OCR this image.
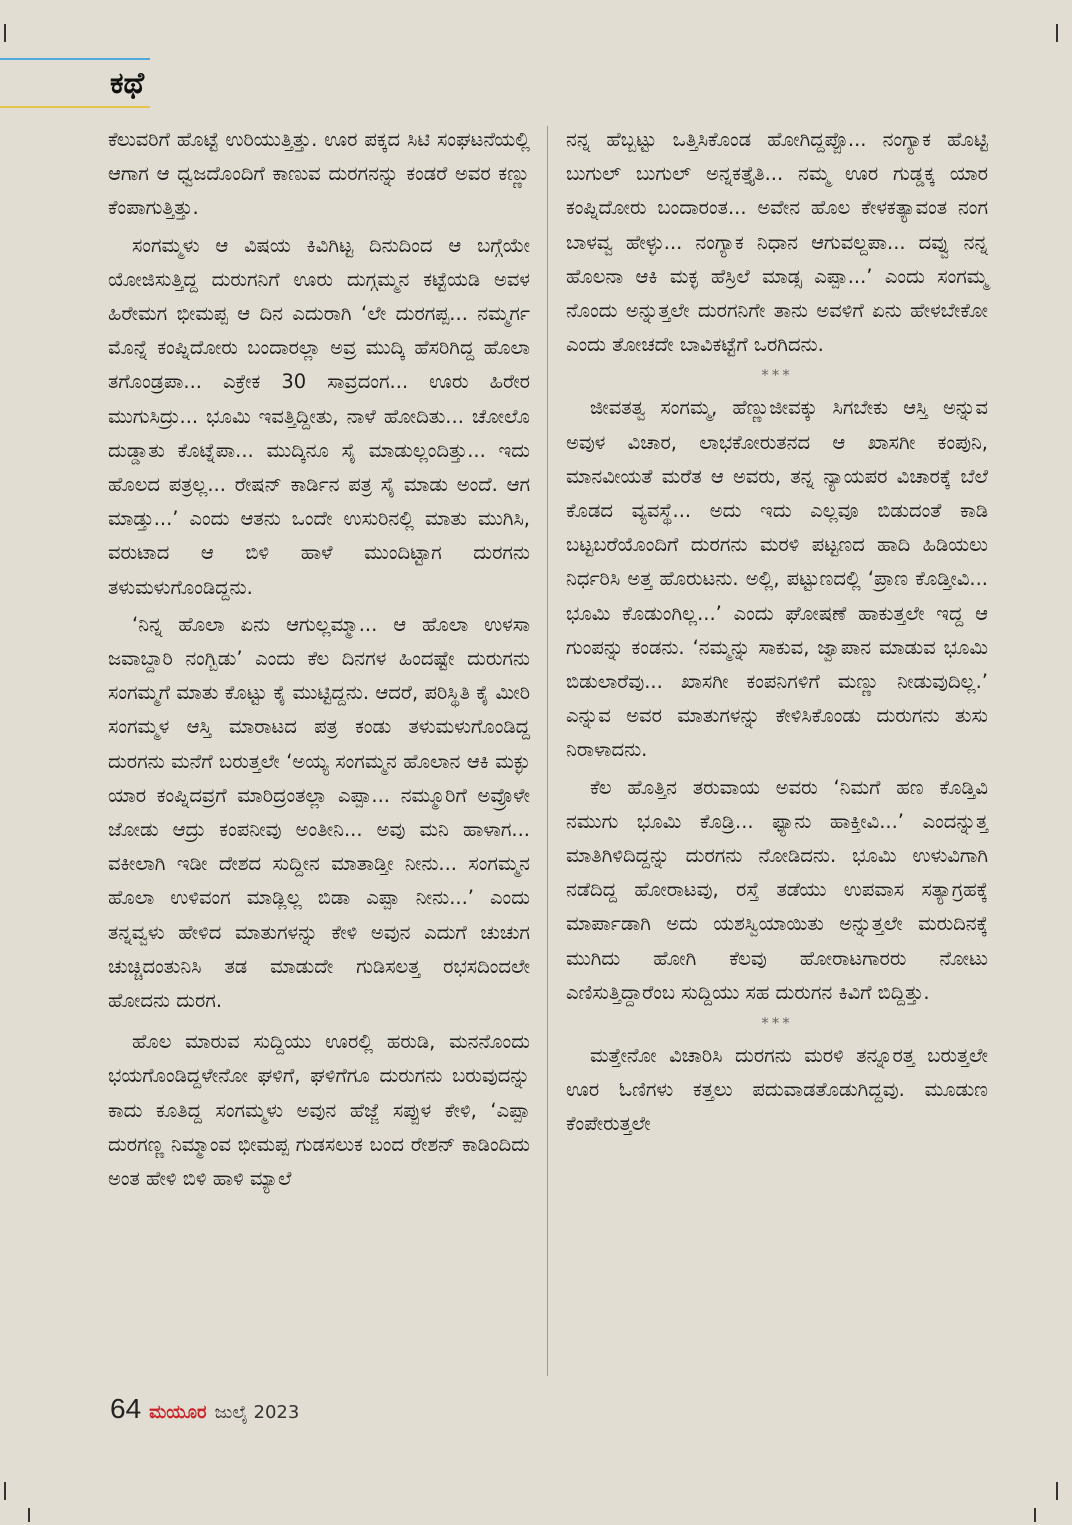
ಕಥೆ

ಕೆಲುವರಿಗೆ ಹೊಟ್ಟೆ ಉರಿಯುತ್ತಿತ್ತು. ಊರ ಪಕ್ಕದ ಸಿಟಿ ಸಂಘಟನೆಯಲ್ಲಿ ಆಗಾಗ ಆ ಧ್ವಜದೊಂದಿಗೆ ಕಾಣುವ ದುರಗನನ್ನು ಕಂಡರೆ ಅವರ ಕಣ್ಣು ಕೆಂಪಾಗುತ್ತಿತ್ತು.

ಸಂಗಮ್ಮಳು ಆ ವಿಷಯ ಕಿವಿಗಿಟ್ಟ ದಿನುದಿಂದ ಆ ಬಗ್ಗೆಯೇ ಯೋಜಿಸುತ್ತಿದ್ದ ದುರುಗನಿಗೆ ಊರು ದುಗ್ಗಮ್ಮನ ಕಟ್ಟೆಯಡಿ ಅವಳ ಹಿರೇಮಗ ಭೀಮಪ್ಪ ಆ ದಿನ ಎದುರಾಗಿ ‘ಲೇ ದುರಗಪ್ಪ... ನಮ್ಮರ್ಗ ಮೊನ್ನೆ ಕಂಪ್ನಿದೋರು ಬಂದಾರಲ್ಲಾ ಅವ್ರ ಮುದ್ಕಿ ಹೆಸರಿಗಿದ್ದ ಹೊಲಾ ತಗೊಂಡ್ರಪಾ... ಎಕ್ರೇಕ 30 ಸಾವ್ರದಂಗ... ಊರು ಹಿರೇರ ಮುಗುಸಿದ್ರು... ಭೂಮಿ ಇವತ್ತಿದ್ದೀತು, ನಾಳೆ ಹೋದಿತು... ಚೋಲೊ ದುಡ್ಡಾತು ಕೊಟ್ನೆಪಾ... ಮುದ್ಕಿನೂ ಸೈ ಮಾಡುಲ್ಲಂದಿತ್ತು... ಇದು ಹೊಲದ ಪತ್ರಲ್ಲ... ರೇಷನ್ ಕಾರ್ಡಿನ ಪತ್ರ ಸೈ ಮಾಡು ಅಂದೆ. ಆಗ ಮಾಡ್ತು...’ ಎಂದು ಆತನು ಒಂದೇ ಉಸುರಿನಲ್ಲಿ ಮಾತು ಮುಗಿಸಿ, ವರುಟಾದ ಆ ಬಿಳಿ ಹಾಳೆ ಮುಂದಿಟ್ಟಾಗ ದುರಗನು ತಳುಮಳುಗೊಂಡಿದ್ದನು.

‘ನಿನ್ನ ಹೊಲಾ ಏನು ಆಗುಲ್ಲಮ್ಮಾ... ಆ ಹೊಲಾ ಉಳಸಾ ಜವಾಬ್ದಾರಿ ನಂಗ್ಬಿಡು’ ಎಂದು ಕೆಲ ದಿನಗಳ ಹಿಂದಷ್ಟೇ ದುರುಗನು ಸಂಗಮ್ಮಗೆ ಮಾತು ಕೊಟ್ಟು ಕೈ ಮುಟ್ಟಿದ್ದನು. ಆದರೆ, ಪರಿಸ್ಥಿತಿ ಕೈ ಮೀರಿ ಸಂಗಮ್ಮಳ ಆಸ್ತಿ ಮಾರಾಟದ ಪತ್ರ ಕಂಡು ತಳುಮಳುಗೊಂಡಿದ್ದ ದುರಗನು ಮನೆಗೆ ಬರುತ್ತಲೇ ‘ಅಯ್ಯ ಸಂಗಮ್ಮನ ಹೊಲಾನ ಆಕಿ ಮಕ್ಳು ಯಾರ ಕಂಪ್ನಿದವ್ರಗೆ ಮಾರಿದ್ರಂತಲ್ಲಾ ಎಪ್ಪಾ... ನಮ್ಮೂರಿಗೆ ಅವ್ರೊಳೇ ಜೋಡು ಆದ್ರು ಕಂಪನೀವು ಅಂತೀನಿ... ಅವು ಮನಿ ಹಾಳಾಗ... ವಕೀಲಾಗಿ ಇಡೀ ದೇಶದ ಸುದ್ದೀನ ಮಾತಾಡ್ತೀ ನೀನು... ಸಂಗಮ್ಮನ ಹೊಲಾ ಉಳಿವಂಗ ಮಾಡ್ಲಿಲ್ಲ ಬಿಡಾ ಎಪ್ಪಾ ನೀನು...’ ಎಂದು ತನ್ನವ್ವಳು ಹೇಳಿದ ಮಾತುಗಳನ್ನು ಕೇಳಿ ಅವುನ ಎದುಗೆ ಚುಚುಗ ಚುಚ್ಚಿದಂತುನಿಸಿ ತಡ ಮಾಡುದೇ ಗುಡಿಸಲತ್ತ ರಭಸದಿಂದಲೇ ಹೋದನು ದುರಗ.

ಹೊಲ ಮಾರುವ ಸುದ್ದಿಯು ಊರಲ್ಲಿ ಹರುಡಿ, ಮನನೊಂದು ಭಯಗೊಂಡಿದ್ದಳೇನೋ ಘಳಿಗೆ, ಘಳಿಗೆಗೂ ದುರುಗನು ಬರುವುದನ್ನು ಕಾದು ಕೂತಿದ್ದ ಸಂಗಮ್ಮಳು ಅವುನ ಹೆಜ್ಜೆ ಸಪ್ಪುಳ ಕೇಳಿ, ‘ಎಪ್ಪಾ ದುರಗಣ್ಣ ನಿಮ್ಮಾಂವ ಭೀಮಪ್ಪ ಗುಡಸಲುಕ ಬಂದ ರೇಶನ್ ಕಾಡಿಂದಿದು ಅಂತ ಹೇಳಿ ಬಿಳಿ ಹಾಳಿ ಮ್ಯಾಲೆ

ನನ್ನ ಹೆಬ್ಬಟ್ಟು ಒತ್ತಿಸಿಕೊಂಡ ಹೋಗಿದ್ದಪ್ಪೊ... ನಂಗ್ಯಾಕ ಹೊಟ್ಟಿ ಬುಗುಲ್ ಬುಗುಲ್ ಅನ್ನಕತ್ತೈತಿ... ನಮ್ಮ ಊರ ಗುಡ್ಡಕ್ಕ ಯಾರ ಕಂಪ್ನಿದೋರು ಬಂದಾರಂತ... ಅವೇನ ಹೊಲ ಕೇಳಕತ್ಯಾವಂತ ನಂಗ ಬಾಳವ್ವ ಹೇಳ್ಳು... ನಂಗ್ಯಾಕ ನಿಧಾನ ಆಗುವಲ್ದಪಾ... ದವ್ವು ನನ್ನ ಹೊಲನಾ ಆಕಿ ಮಕ್ಳ ಹೆಸ್ರಿಲೆ ಮಾಡ್ಸ ಎಪ್ಪಾ...’ ಎಂದು ಸಂಗಮ್ಮ ನೊಂದು ಅನ್ನುತ್ತಲೇ ದುರಗನಿಗೇ ತಾನು ಅವಳಿಗೆ ಏನು ಹೇಳಬೇಕೋ ಎಂದು ತೋಚದೇ ಬಾವಿಕಟ್ಟೆಗೆ ಒರಗಿದನು.

***

ಜೀವತತ್ವ ಸಂಗಮ್ಮ, ಹೆಣ್ಣುಜೀವಕ್ಕು ಸಿಗಬೇಕು ಆಸ್ತಿ ಅನ್ನುವ ಅವುಳ ವಿಚಾರ, ಲಾಭಕೋರುತನದ ಆ ಖಾಸಗೀ ಕಂಪುನಿ, ಮಾನವೀಯತೆ ಮರೆತ ಆ ಅವರು, ತನ್ನ ನ್ಯಾಯಪರ ವಿಚಾರಕ್ಕೆ ಬೆಲೆ ಕೊಡದ ವ್ಯವಸ್ಥೆ... ಅದು ಇದು ಎಲ್ಲವೂ ಬಿಡುದಂತೆ ಕಾಡಿ ಬಟ್ಟಬರೆಯೊಂದಿಗೆ ದುರಗನು ಮರಳಿ ಪಟ್ಟಣದ ಹಾದಿ ಹಿಡಿಯಲು ನಿರ್ಧರಿಸಿ ಅತ್ತ ಹೊರುಟನು. ಅಲ್ಲಿ, ಪಟ್ಟುಣದಲ್ಲಿ ‘ಪ್ರಾಣ ಕೊಡ್ತೀವಿ... ಭೂಮಿ ಕೊಡುಂಗಿಲ್ಲ...’ ಎಂದು ಘೋಷಣೆ ಹಾಕುತ್ತಲೇ ಇದ್ದ ಆ ಗುಂಪನ್ನು ಕಂಡನು. ‘ನಮ್ಮನ್ನು ಸಾಕುವ, ಜ್ವಾಪಾನ ಮಾಡುವ ಭೂಮಿ ಬಿಡುಲಾರೆವು... ಖಾಸಗೀ ಕಂಪನಿಗಳಿಗೆ ಮಣ್ಣು ನೀಡುವುದಿಲ್ಲ.’ ಎನ್ನುವ ಅವರ ಮಾತುಗಳನ್ನು ಕೇಳಿಸಿಕೊಂಡು ದುರುಗನು ತುಸು ನಿರಾಳಾದನು.

ಕೆಲ ಹೊತ್ತಿನ ತರುವಾಯ ಅವರು ‘ನಿಮಗೆ ಹಣ ಕೊಡ್ತಿವಿ ನಮುಗು ಭೂಮಿ ಕೊಡ್ರಿ... ಫ್ಯಾನು ಹಾಕ್ತೀವಿ...’ ಎಂದನ್ನುತ್ತ ಮಾತಿಗಿಳಿದಿದ್ದನ್ನು ದುರಗನು ನೋಡಿದನು. ಭೂಮಿ ಉಳುವಿಗಾಗಿ ನಡೆದಿದ್ದ ಹೋರಾಟವು, ರಸ್ತೆ ತಡೆಯು ಉಪವಾಸ ಸತ್ಯಾಗ್ರಹಕ್ಕೆ ಮಾರ್ಪಾಡಾಗಿ ಅದು ಯಶಸ್ವಿಯಾಯಿತು ಅನ್ನುತ್ತಲೇ ಮರುದಿನಕ್ಕೆ ಮುಗಿದು ಹೋಗಿ ಕೆಲವು ಹೋರಾಟಗಾರರು ನೋಟು ಎಣಿಸುತ್ತಿದ್ದಾರೆಂಬ ಸುದ್ದಿಯು ಸಹ ದುರುಗನ ಕಿವಿಗೆ ಬಿದ್ದಿತ್ತು.

***

ಮತ್ತೇನೋ ವಿಚಾರಿಸಿ ದುರಗನು ಮರಳಿ ತನ್ನೂರತ್ತ ಬರುತ್ತಲೇ ಊರ ಓಣಿಗಳು ಕತ್ತಲು ಪದುವಾಡತೊಡುಗಿದ್ದವು. ಮೂಡುಣ ಕೆಂಪೇರುತ್ತಲೇ

64 ಮಯೂರ ಜುಲೈ 2023
